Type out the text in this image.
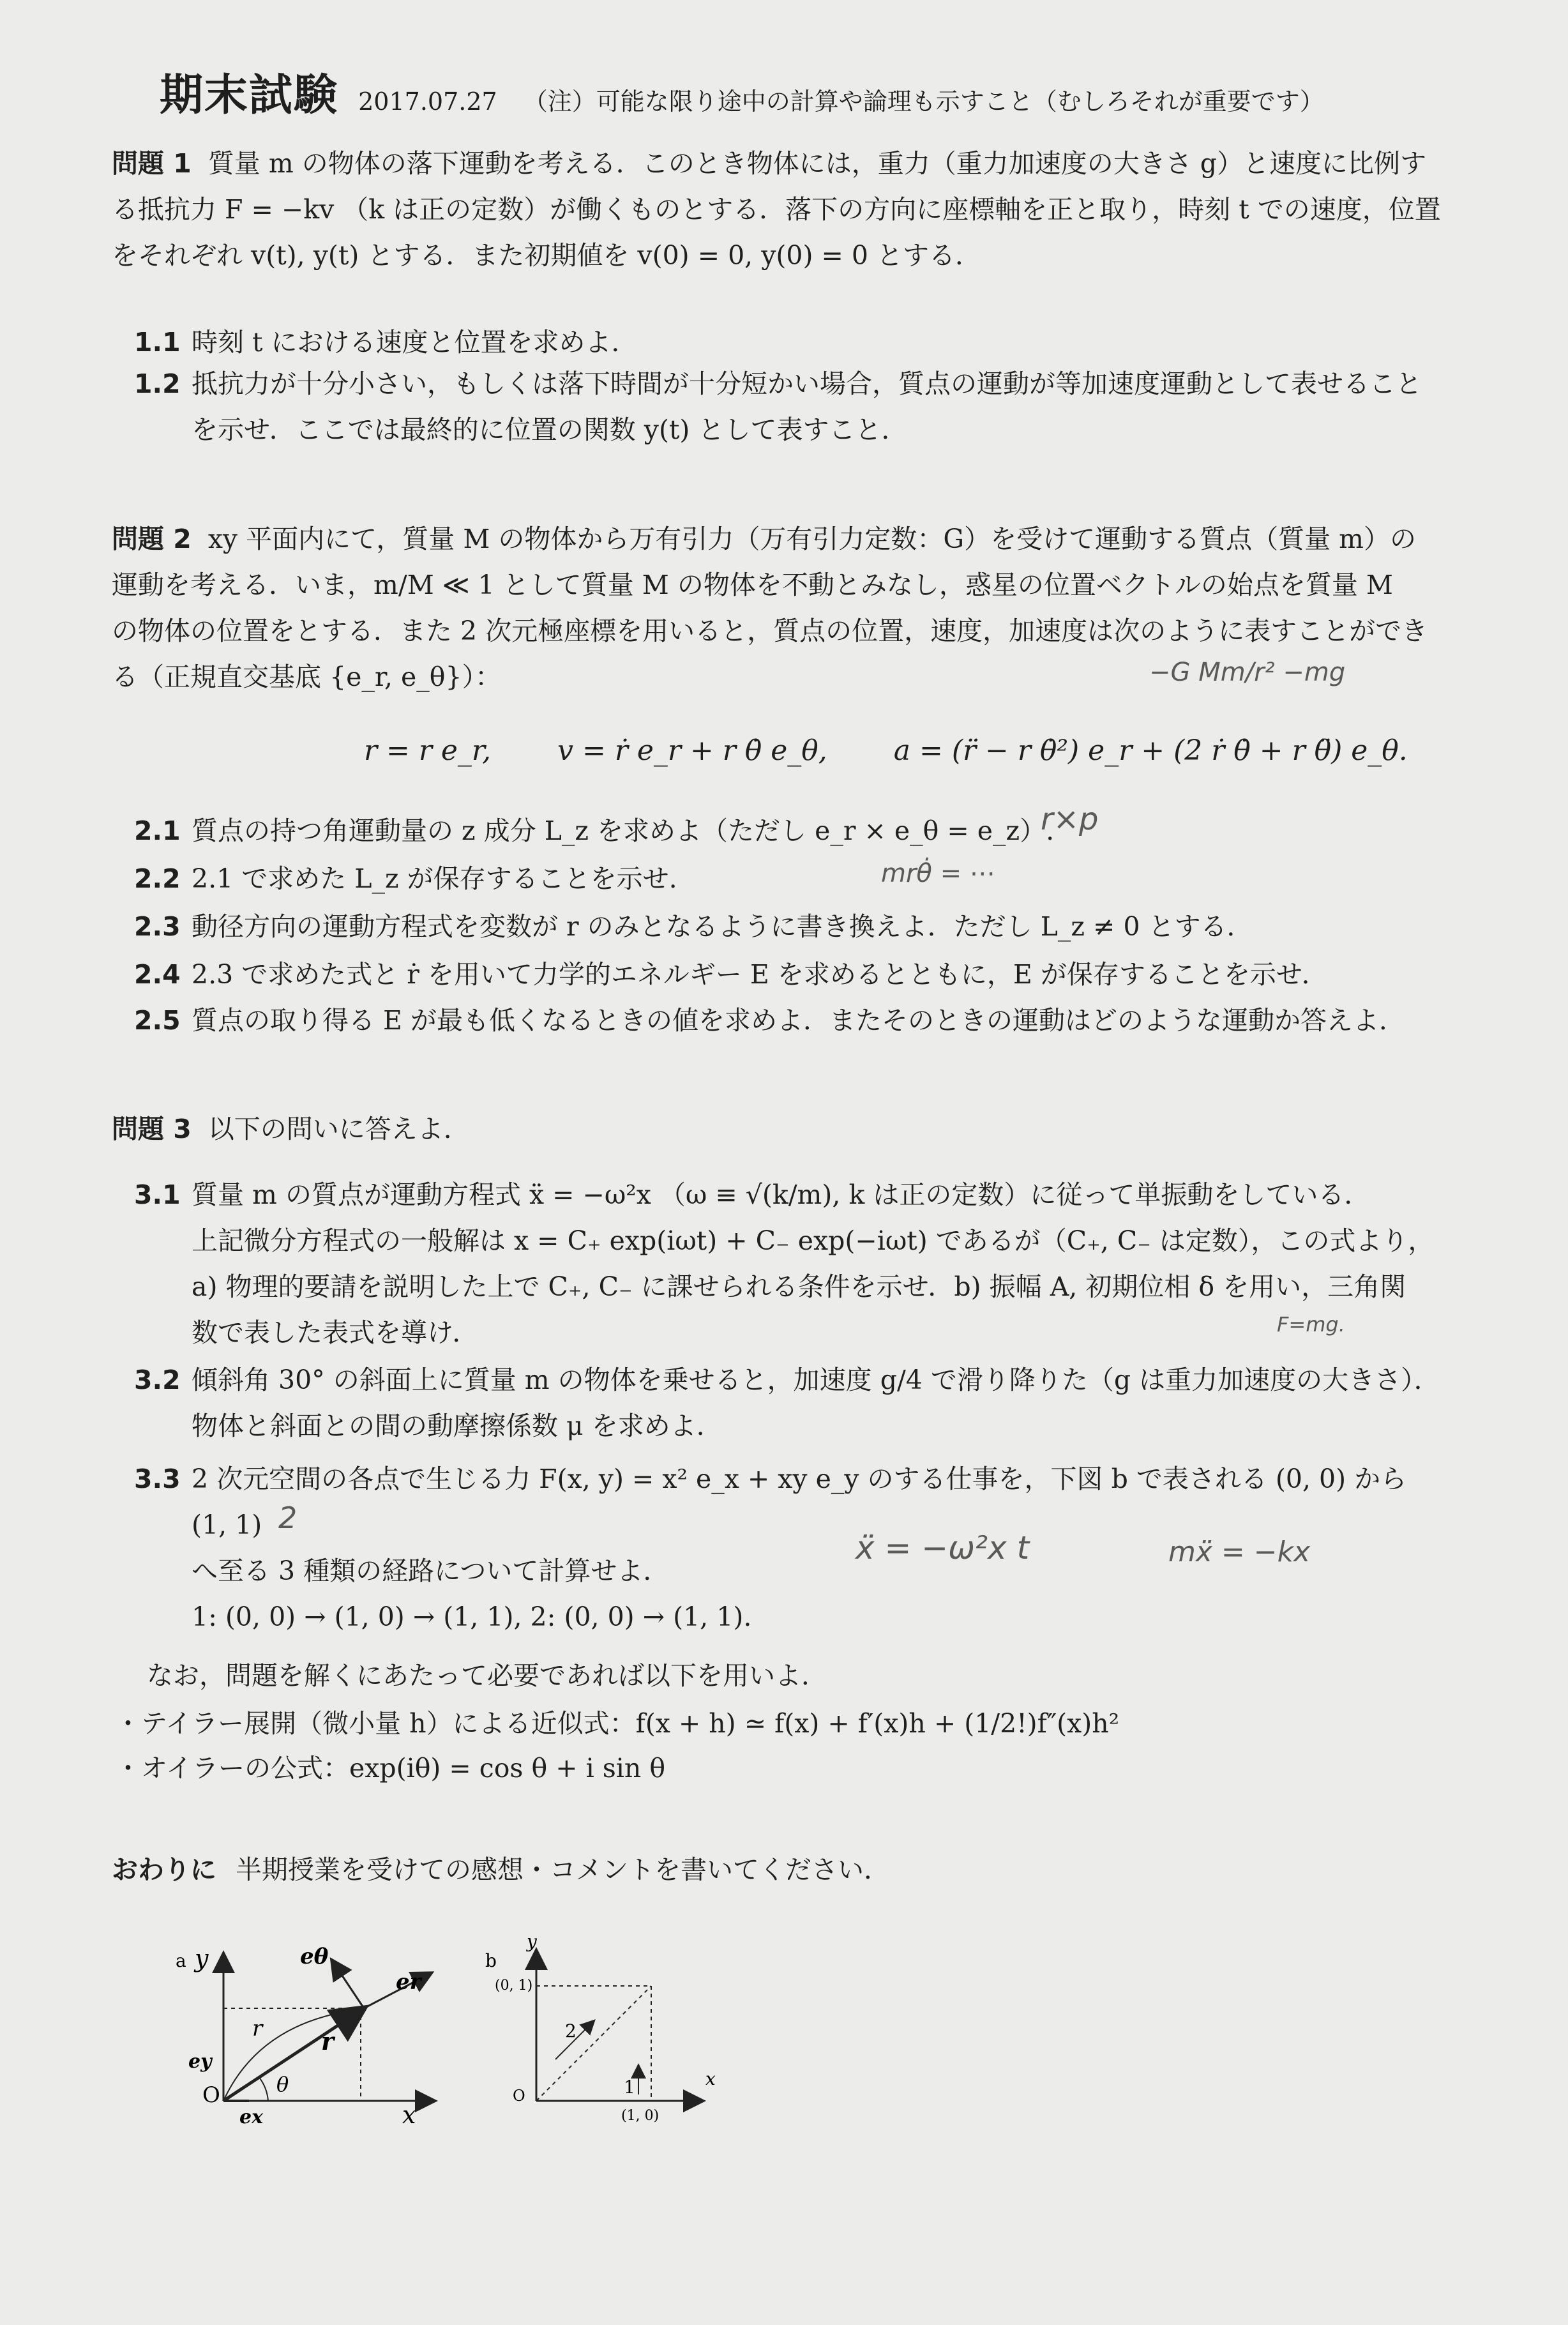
期末試験 2017.07.27 （注）可能な限り途中の計算や論理も示すこと（むしろそれが重要です）
問題 1 質量 m の物体の落下運動を考える．このとき物体には，重力（重力加速度の大きさ g）と速度に比例す
る抵抗力 F = −kv （k は正の定数）が働くものとする．落下の方向に座標軸を正と取り，時刻 t での速度，位置
をそれぞれ v(t), y(t) とする．また初期値を v(0) = 0, y(0) = 0 とする．
1.1 時刻 t における速度と位置を求めよ．
1.2 抵抗力が十分小さい，もしくは落下時間が十分短かい場合，質点の運動が等加速度運動として表せること
を示せ．ここでは最終的に位置の関数 y(t) として表すこと．
問題 2 xy 平面内にて，質量 M の物体から万有引力（万有引力定数：G）を受けて運動する質点（質量 m）の
運動を考える．いま，m/M ≪ 1 として質量 M の物体を不動とみなし，惑星の位置ベクトルの始点を質量 M
の物体の位置をとする．また 2 次元極座標を用いると，質点の位置，速度，加速度は次のように表すことができ
る（正規直交基底 {e_r, e_θ}）：
r = r e_r, v = ṙ e_r + r θ̇ e_θ, a = (r̈ − r θ̇²) e_r + (2 ṙ θ̇ + r θ̈) e_θ.
2.1 質点の持つ角運動量の z 成分 L_z を求めよ（ただし e_r × e_θ = e_z）.
2.2 2.1 で求めた L_z が保存することを示せ.
2.3 動径方向の運動方程式を変数が r のみとなるように書き換えよ．ただし L_z ≠ 0 とする．
2.4 2.3 で求めた式と ṙ を用いて力学的エネルギー E を求めるとともに，E が保存することを示せ．
2.5 質点の取り得る E が最も低くなるときの値を求めよ．またそのときの運動はどのような運動か答えよ．
問題 3 以下の問いに答えよ．
3.1 質量 m の質点が運動方程式 ẍ = −ω²x （ω ≡ √(k/m), k は正の定数）に従って単振動をしている．
上記微分方程式の一般解は x = C₊ exp(iωt) + C₋ exp(−iωt) であるが（C₊, C₋ は定数），この式より，
a) 物理的要請を説明した上で C₊, C₋ に課せられる条件を示せ．b) 振幅 A, 初期位相 δ を用い，三角関
数で表した表式を導け．
3.2 傾斜角 30° の斜面上に質量 m の物体を乗せると，加速度 g/4 で滑り降りた（g は重力加速度の大きさ）．
物体と斜面との間の動摩擦係数 μ を求めよ．
3.3 2 次元空間の各点で生じる力 F(x, y) = x² e_x + xy e_y のする仕事を，下図 b で表される (0, 0) から (1, 1)
へ至る 3 種類の経路について計算せよ．
1: (0, 0) → (1, 0) → (1, 1), 2: (0, 0) → (1, 1).
なお，問題を解くにあたって必要であれば以下を用いよ．
・テイラー展開（微小量 h）による近似式：f(x + h) ≃ f(x) + f′(x)h + (1/2!)f″(x)h²
・オイラーの公式：exp(iθ) = cos θ + i sin θ
おわりに 半期授業を受けての感想・コメントを書いてください．
−G Mm/r² −mg
r×p
mrθ̇ = ⋯
F=mg.
2
ẍ = −ω²x t	mẍ = −kx
a y
x
O
eθ
er
r r
ey
ex
θ
b
y
x
O
(0, 1)
(1, 0)
2
1
